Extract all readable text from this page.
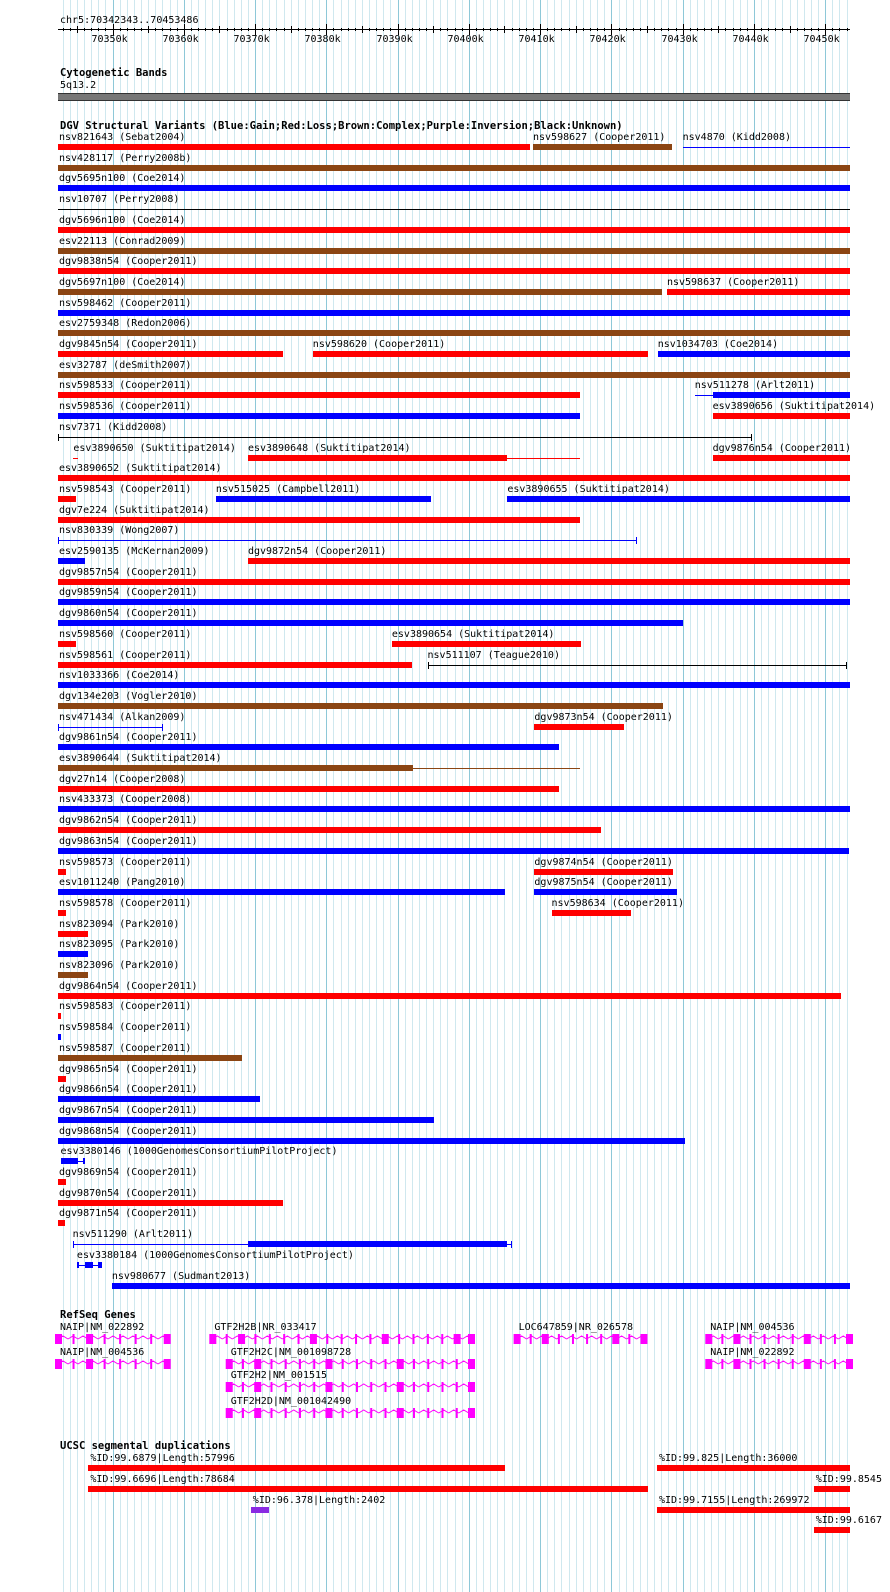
chr5:70342343..70453486
70350k	70360k	70370k	70380k	70390k	70400k	70410k	70420k	70430k	70440k	70450k
Cytogenetic Bands
5q13.2
DGV Structural Variants (Blue:Gain;Red:Loss;Brown:Complex;Purple:Inversion;Black:Unknown)
nsv821643 (Sebat2004)	nsv598627 (Cooper2011) nsv4870 (Kidd2008)
nsv428117 (Perry2008b)
dgv5695n100 (Coe2014)
nsv10707 (Perry2008)
dgv5696n100 (Coe2014)
esv22113 (Conrad2009)
dgv9838n54 (Cooper2011)
dgv5697n100 (Coe2014)	nsv598637 (Cooper2011)
nsv598462 (Cooper2011)
esv2759348 (Redon2006)
dgv9845n54 (Cooper2011)	nsv598620 (Cooper2011)	nsv1034703 (Coe2014)
esv32787 (deSmith2007)
nsv598533 (Cooper2011)	nsv511278 (Arlt2011)
nsv598536 (Cooper2011)	esv3890656 (Suktitipat2014)
nsv7371 (Kidd2008)
esv3890650 (Suktitipat2014) esv3890648 (Suktitipat2014)	dgv9876n54 (Cooper2011)
esv3890652 (Suktitipat2014)
nsv598543 (Cooper2011) nsv515025 (Campbell2011)	esv3890655 (Suktitipat2014)
dgv7e224 (Suktitipat2014)
nsv830339 (Wong2007)
esv2590135 (McKernan2009)	dgv9872n54 (Cooper2011)
dgv9857n54 (Cooper2011)
dgv9859n54 (Cooper2011)
dgv9860n54 (Cooper2011)
nsv598560 (Cooper2011)	esv3890654 (Suktitipat2014)
nsv598561 (Cooper2011)	nsv511107 (Teague2010)
nsv1033366 (Coe2014)
dgv134e203 (Vogler2010)
nsv471434 (Alkan2009)	dgv9873n54 (Cooper2011)
dgv9861n54 (Cooper2011)
esv3890644 (Suktitipat2014)
dgv27n14 (Cooper2008)
nsv433373 (Cooper2008)
dgv9862n54 (Cooper2011)
dgv9863n54 (Cooper2011)
nsv598573 (Cooper2011)	dgv9874n54 (Cooper2011)
esv1011240 (Pang2010)	dgv9875n54 (Cooper2011)
nsv598578 (Cooper2011)	nsv598634 (Cooper2011)
nsv823094 (Park2010)
nsv823095 (Park2010)
nsv823096 (Park2010)
dgv9864n54 (Cooper2011)
nsv598583 (Cooper2011)
nsv598584 (Cooper2011)
nsv598587 (Cooper2011)
dgv9865n54 (Cooper2011)
dgv9866n54 (Cooper2011)
dgv9867n54 (Cooper2011)
dgv9868n54 (Cooper2011)
esv3380146 (1000GenomesConsortiumPilotProject)
dgv9869n54 (Cooper2011)
dgv9870n54 (Cooper2011)
dgv9871n54 (Cooper2011)
nsv511290 (Arlt2011)
esv3380184 (1000GenomesConsortiumPilotProject)
nsv980677 (Sudmant2013)
RefSeq Genes
NAIP|NM_022892	GTF2H2B|NR_033417	LOC647859|NR_026578	NAIP|NM_004536
NAIP|NM_004536	GTF2H2C|NM_001098728	NAIP|NM_022892
GTF2H2|NM_001515
GTF2H2D|NM_001042490
UCSC segmental duplications
%ID:99.6879|Length:57996	%ID:99.825|Length:36000
%ID:99.6696|Length:78684	%ID:99.8545
%ID:96.378|Length:2402	%ID:99.7155|Length:269972
%ID:99.6167
